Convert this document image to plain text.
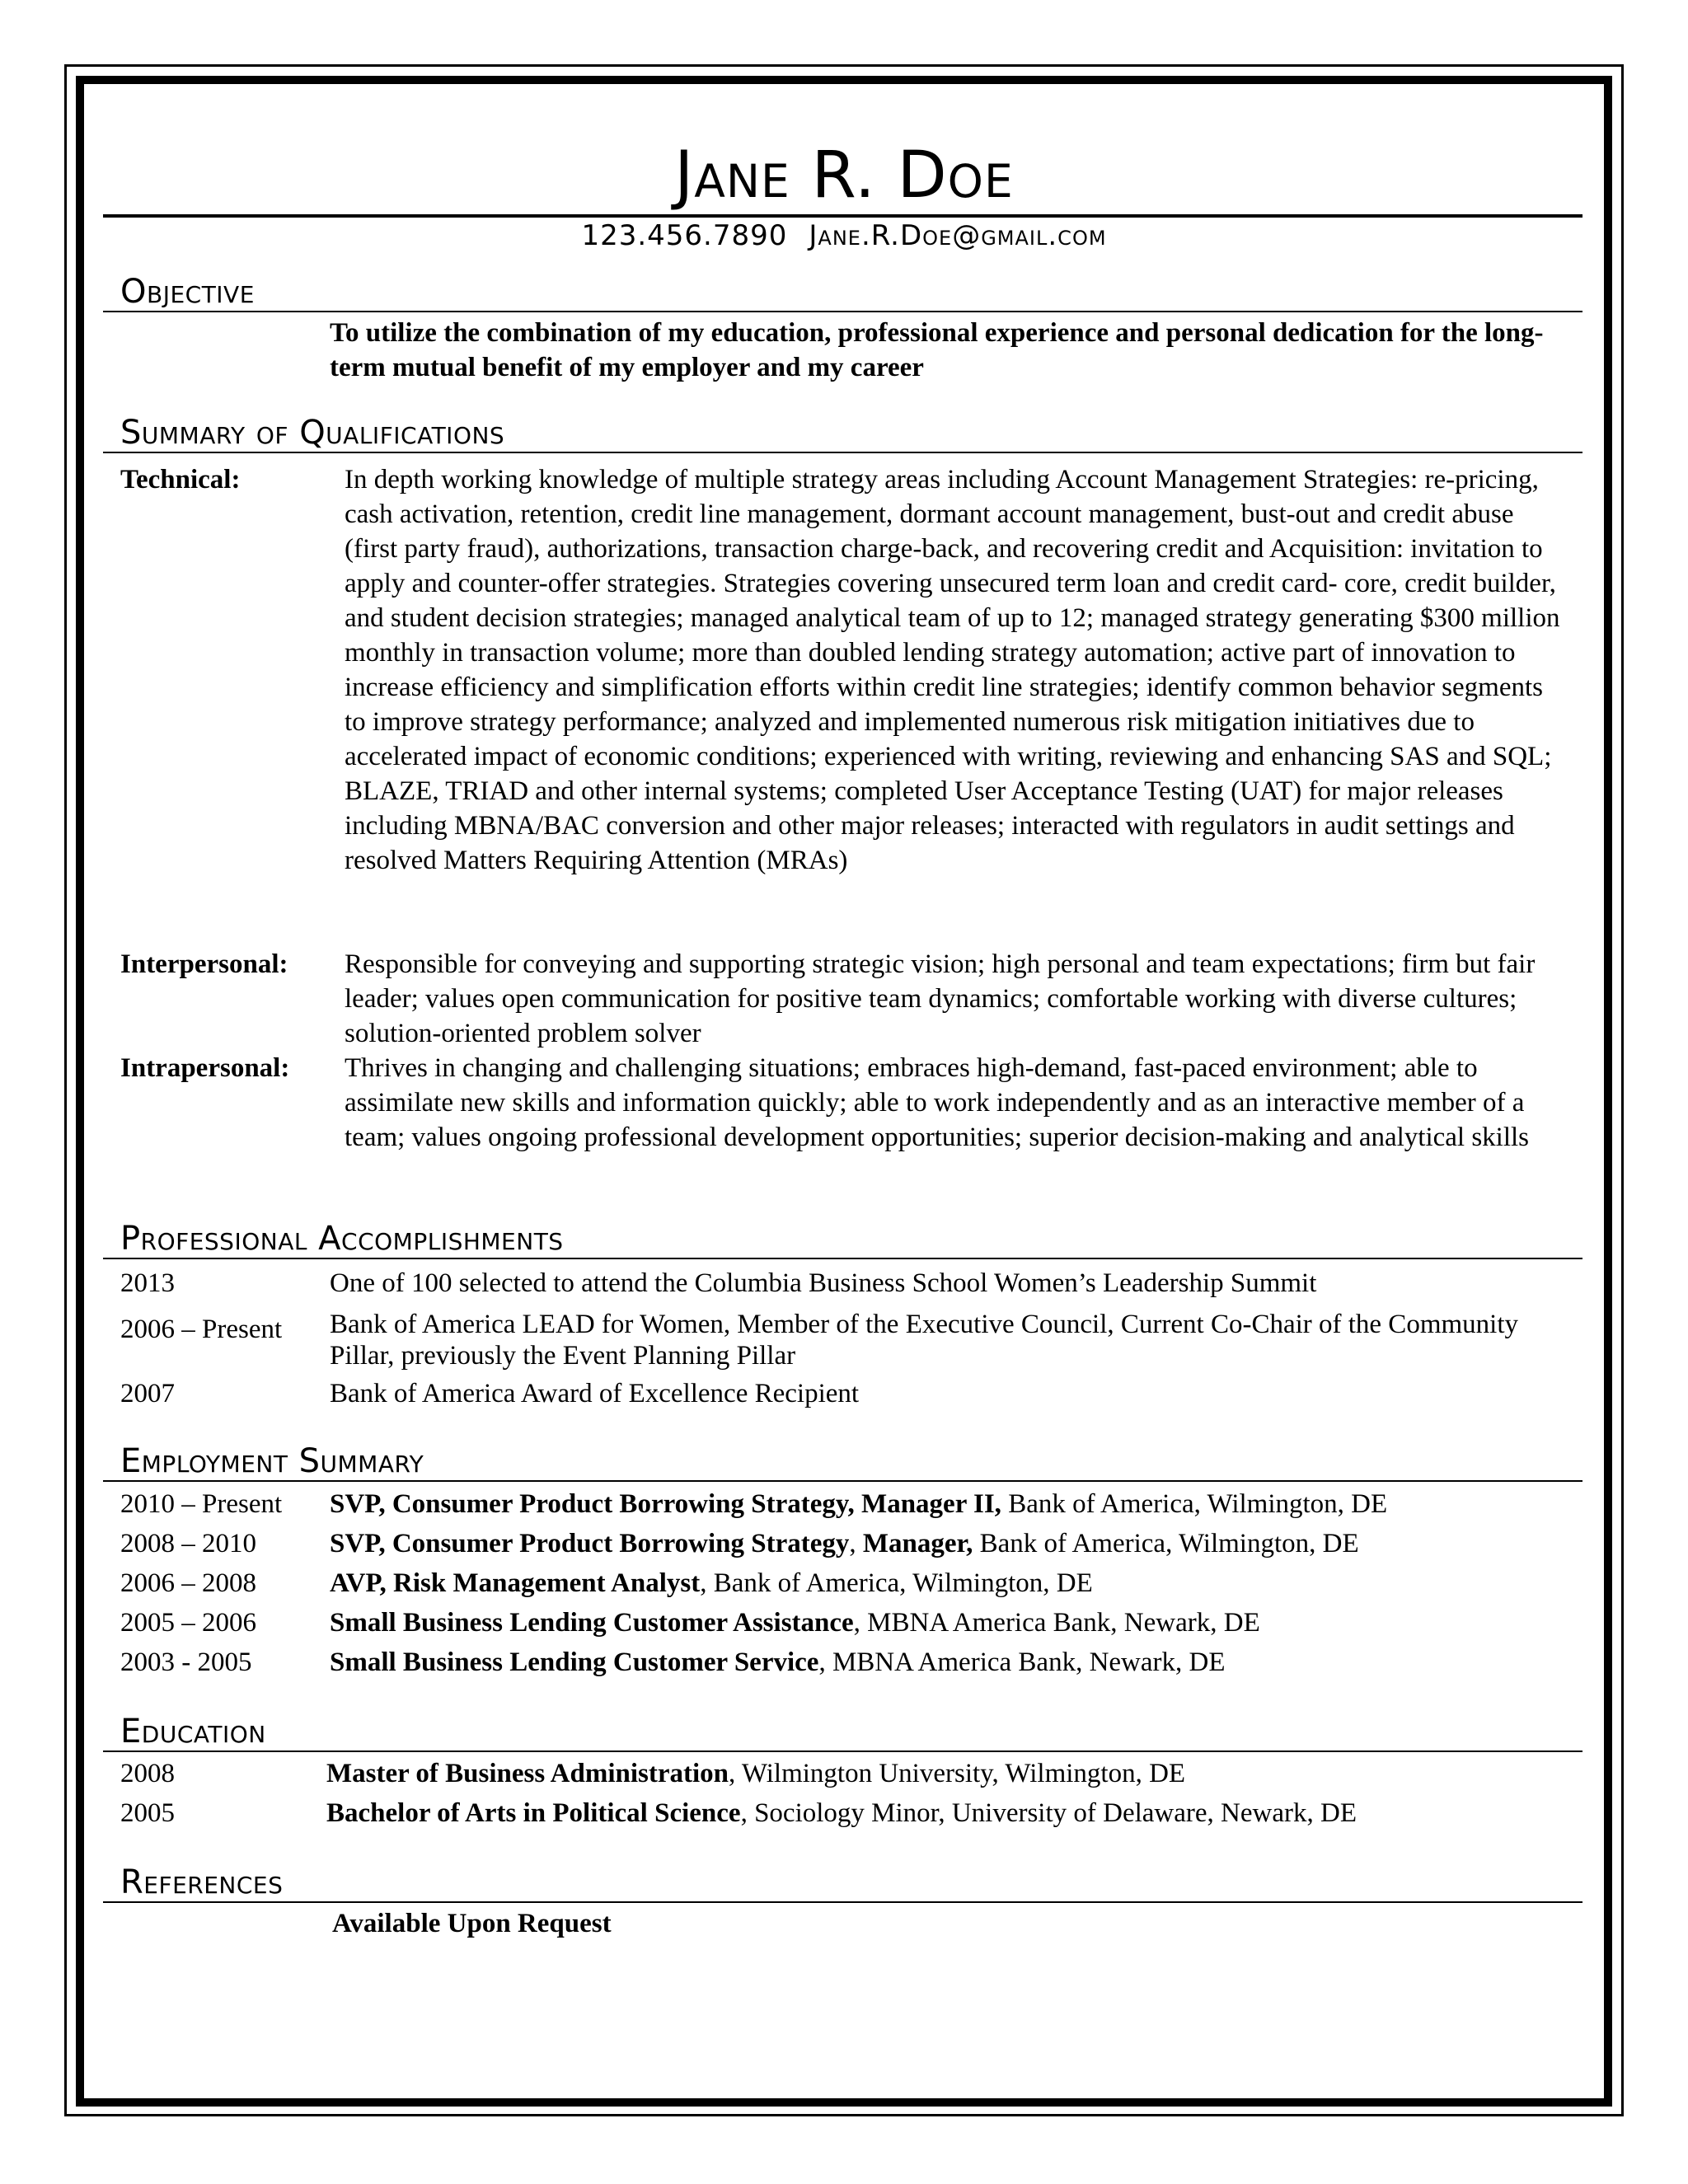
Jane R. Doe
123.456.7890 Jane.R.Doe@gmail.com
Objective
To utilize the combination of my education, professional experience and personal dedication for the long-term mutual benefit of my employer and my career
Summary of Qualifications
Technical:	In depth working knowledge of multiple strategy areas including Account Management Strategies: re-pricing, cash activation, retention, credit line management, dormant account management, bust-out and credit abuse (first party fraud), authorizations, transaction charge-back, and recovering credit and Acquisition: invitation to apply and counter-offer strategies. Strategies covering unsecured term loan and credit card- core, credit builder, and student decision strategies; managed analytical team of up to 12; managed strategy generating $300 million monthly in transaction volume; more than doubled lending strategy automation; active part of innovation to increase efficiency and simplification efforts within credit line strategies; identify common behavior segments to improve strategy performance; analyzed and implemented numerous risk mitigation initiatives due to accelerated impact of economic conditions; experienced with writing, reviewing and enhancing SAS and SQL; BLAZE, TRIAD and other internal systems; completed User Acceptance Testing (UAT) for major releases including MBNA/BAC conversion and other major releases; interacted with regulators in audit settings and resolved Matters Requiring Attention (MRAs)
Interpersonal: Responsible for conveying and supporting strategic vision; high personal and team expectations; firm but fair leader; values open communication for positive team dynamics; comfortable working with diverse cultures; solution-oriented problem solver
Intrapersonal: Thrives in changing and challenging situations; embraces high-demand, fast-paced environment; able to assimilate new skills and information quickly; able to work independently and as an interactive member of a team; values ongoing professional development opportunities; superior decision-making and analytical skills
Professional Accomplishments
2013	One of 100 selected to attend the Columbia Business School Women’s Leadership Summit
2006 – Present Bank of America LEAD for Women, Member of the Executive Council, Current Co-Chair of the Community Pillar, previously the Event Planning Pillar
2007	Bank of America Award of Excellence Recipient
Employment Summary
2010 – Present SVP, Consumer Product Borrowing Strategy, Manager II, Bank of America, Wilmington, DE
2008 – 2010	SVP, Consumer Product Borrowing Strategy, Manager, Bank of America, Wilmington, DE
2006 – 2008	AVP, Risk Management Analyst, Bank of America, Wilmington, DE
2005 – 2006	Small Business Lending Customer Assistance, MBNA America Bank, Newark, DE
2003 - 2005	Small Business Lending Customer Service, MBNA America Bank, Newark, DE
Education
2008	Master of Business Administration, Wilmington University, Wilmington, DE
2005	Bachelor of Arts in Political Science, Sociology Minor, University of Delaware, Newark, DE
References
Available Upon Request
